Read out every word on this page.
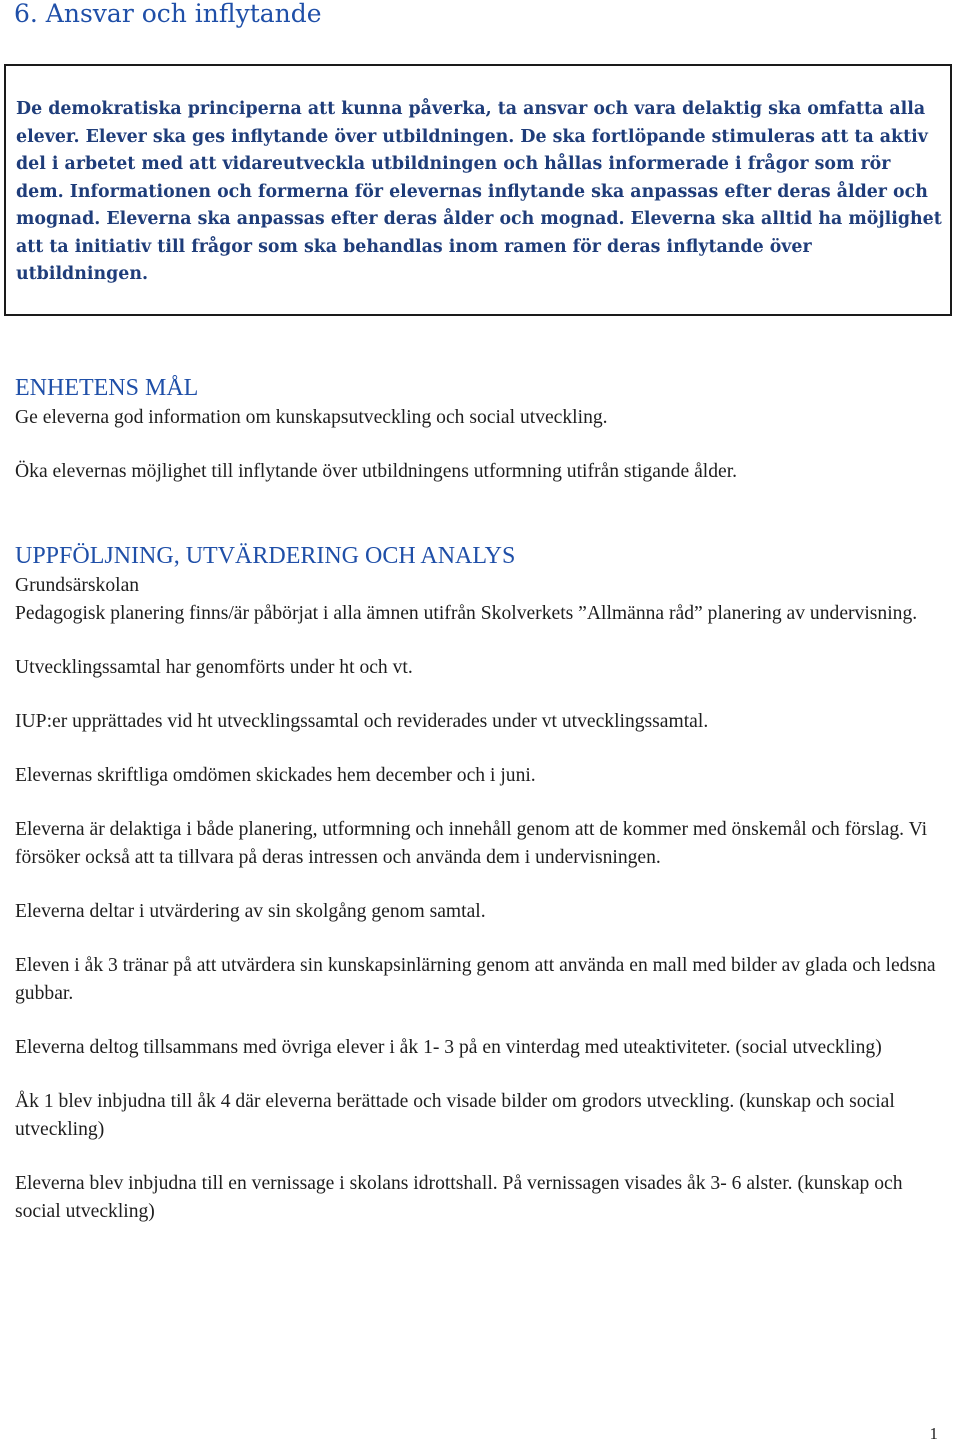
6. Ansvar och inflytande

De demokratiska principerna att kunna påverka, ta ansvar och vara delaktig ska omfatta alla elever. Elever ska ges inflytande över utbildningen. De ska fortlöpande stimuleras att ta aktiv del i arbetet med att vidareutveckla utbildningen och hållas informerade i frågor som rör dem. Informationen och formerna för elevernas inflytande ska anpassas efter deras ålder och mognad. Eleverna ska anpassas efter deras ålder och mognad. Eleverna ska alltid ha möjlighet att ta initiativ till frågor som ska behandlas inom ramen för deras inflytande över utbildningen.

ENHETENS MÅL

Ge eleverna god information om kunskapsutveckling och social utveckling.

Öka elevernas möjlighet till inflytande över utbildningens utformning utifrån stigande ålder.

UPPFÖLJNING, UTVÄRDERING OCH ANALYS

Grundsärskolan

Pedagogisk planering finns/är påbörjat i alla ämnen utifrån Skolverkets ”Allmänna råd” planering av undervisning.

Utvecklingssamtal har genomförts under ht och vt.

IUP:er upprättades vid ht utvecklingssamtal och reviderades under vt utvecklingssamtal.

Elevernas skriftliga omdömen skickades hem december och i juni.

Eleverna är delaktiga i både planering, utformning och innehåll genom att de kommer med önskemål och förslag. Vi försöker också att ta tillvara på deras intressen och använda dem i undervisningen.

Eleverna deltar i utvärdering av sin skolgång genom samtal.

Eleven i åk 3 tränar på att utvärdera sin kunskapsinlärning genom att använda en mall med bilder av glada och ledsna gubbar.

Eleverna deltog tillsammans med övriga elever i åk 1- 3 på en vinterdag med uteaktiviteter. (social utveckling)

Åk 1 blev inbjudna till åk 4 där eleverna berättade och visade bilder om grodors utveckling. (kunskap och social utveckling)

Eleverna blev inbjudna till en vernissage i skolans idrottshall. På vernissagen visades åk 3- 6 alster. (kunskap och social utveckling)

1
